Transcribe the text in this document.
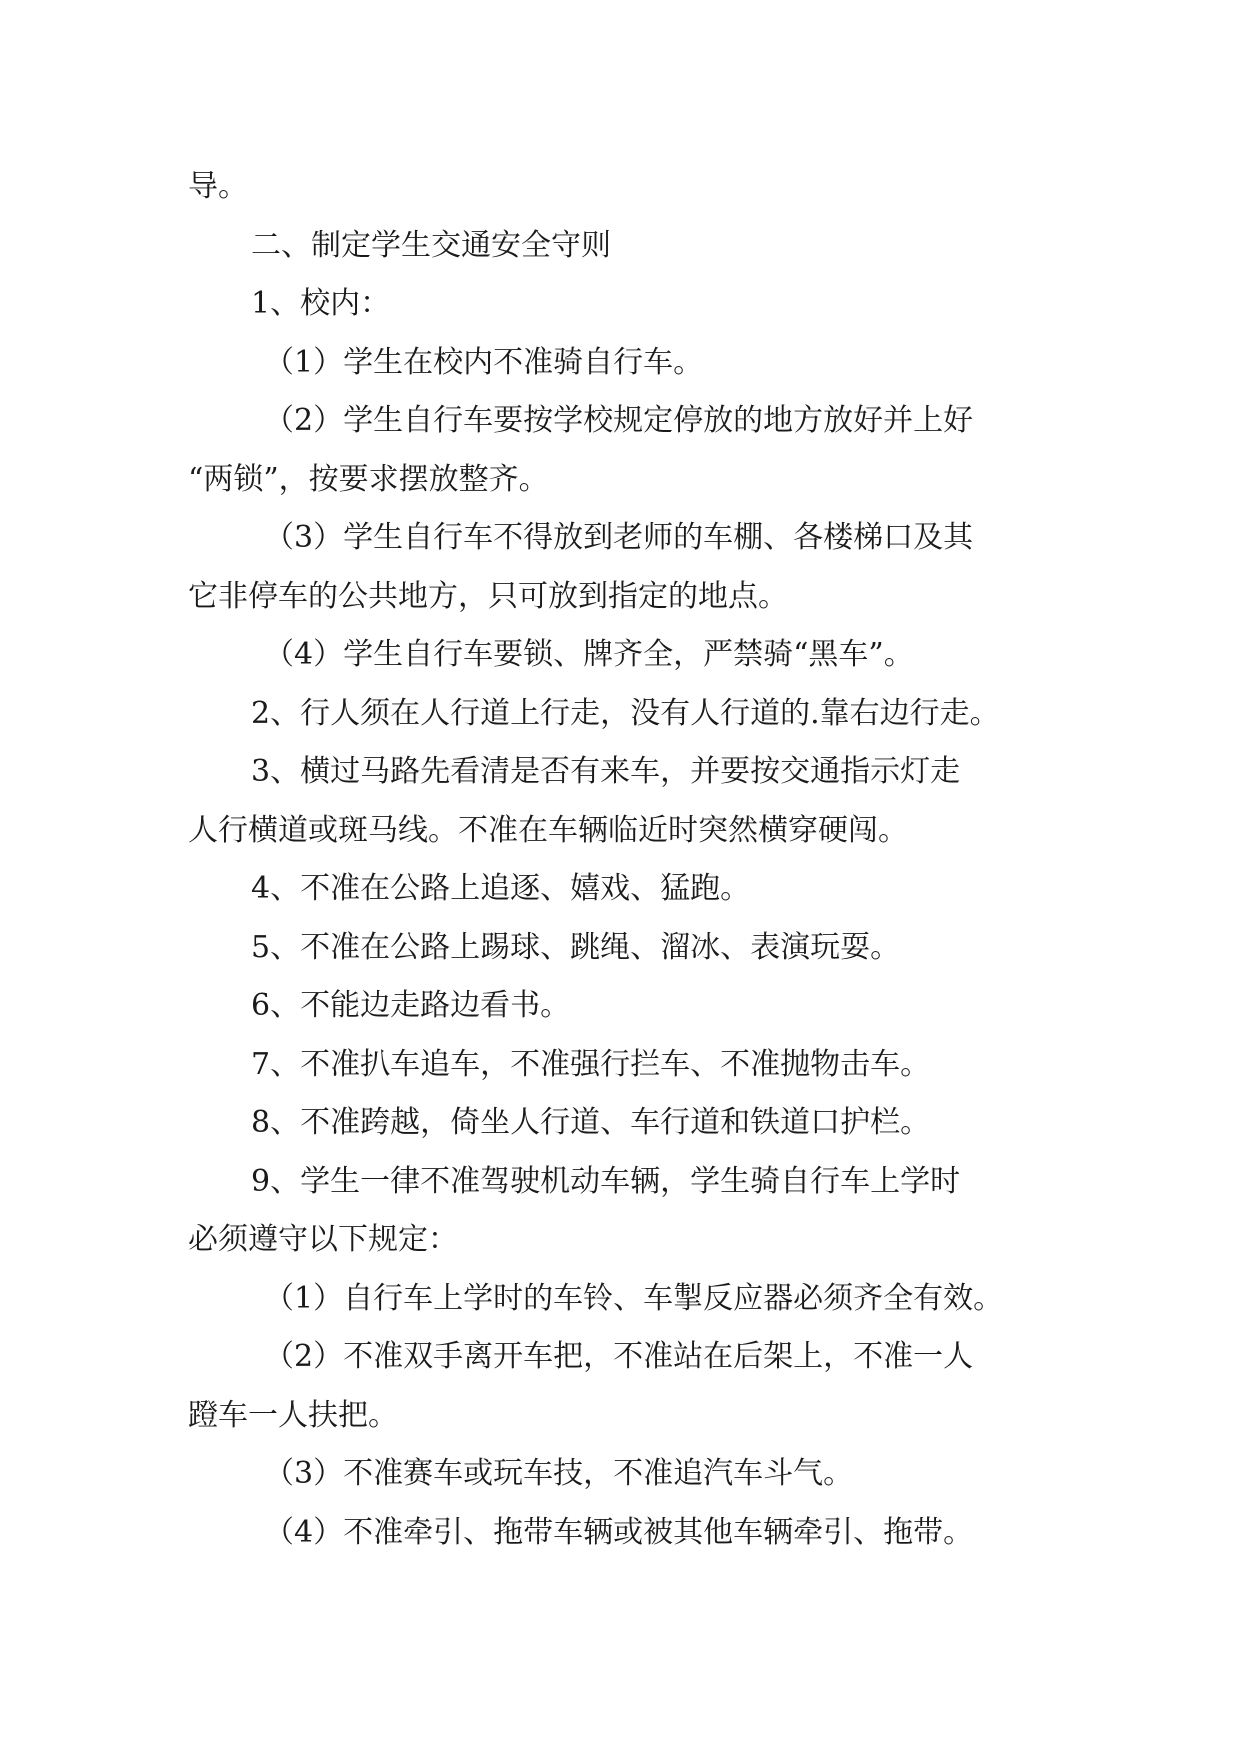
导。
二、制定学生交通安全守则
1、校内：
（1）学生在校内不准骑自行车。
（2）学生自行车要按学校规定停放的地方放好并上好
“两锁”，按要求摆放整齐。
（3）学生自行车不得放到老师的车棚、各楼梯口及其
它非停车的公共地方，只可放到指定的地点。
（4）学生自行车要锁、牌齐全，严禁骑“黑车”。
2、行人须在人行道上行走，没有人行道的.靠右边行走。
3、横过马路先看清是否有来车，并要按交通指示灯走
人行横道或斑马线。不准在车辆临近时突然横穿硬闯。
4、不准在公路上追逐、嬉戏、猛跑。
5、不准在公路上踢球、跳绳、溜冰、表演玩耍。
6、不能边走路边看书。
7、不准扒车追车，不准强行拦车、不准抛物击车。
8、不准跨越，倚坐人行道、车行道和铁道口护栏。
9、学生一律不准驾驶机动车辆，学生骑自行车上学时
必须遵守以下规定：
（1）自行车上学时的车铃、车掣反应器必须齐全有效。
（2）不准双手离开车把，不准站在后架上，不准一人
蹬车一人扶把。
（3）不准赛车或玩车技，不准追汽车斗气。
（4）不准牵引、拖带车辆或被其他车辆牵引、拖带。
